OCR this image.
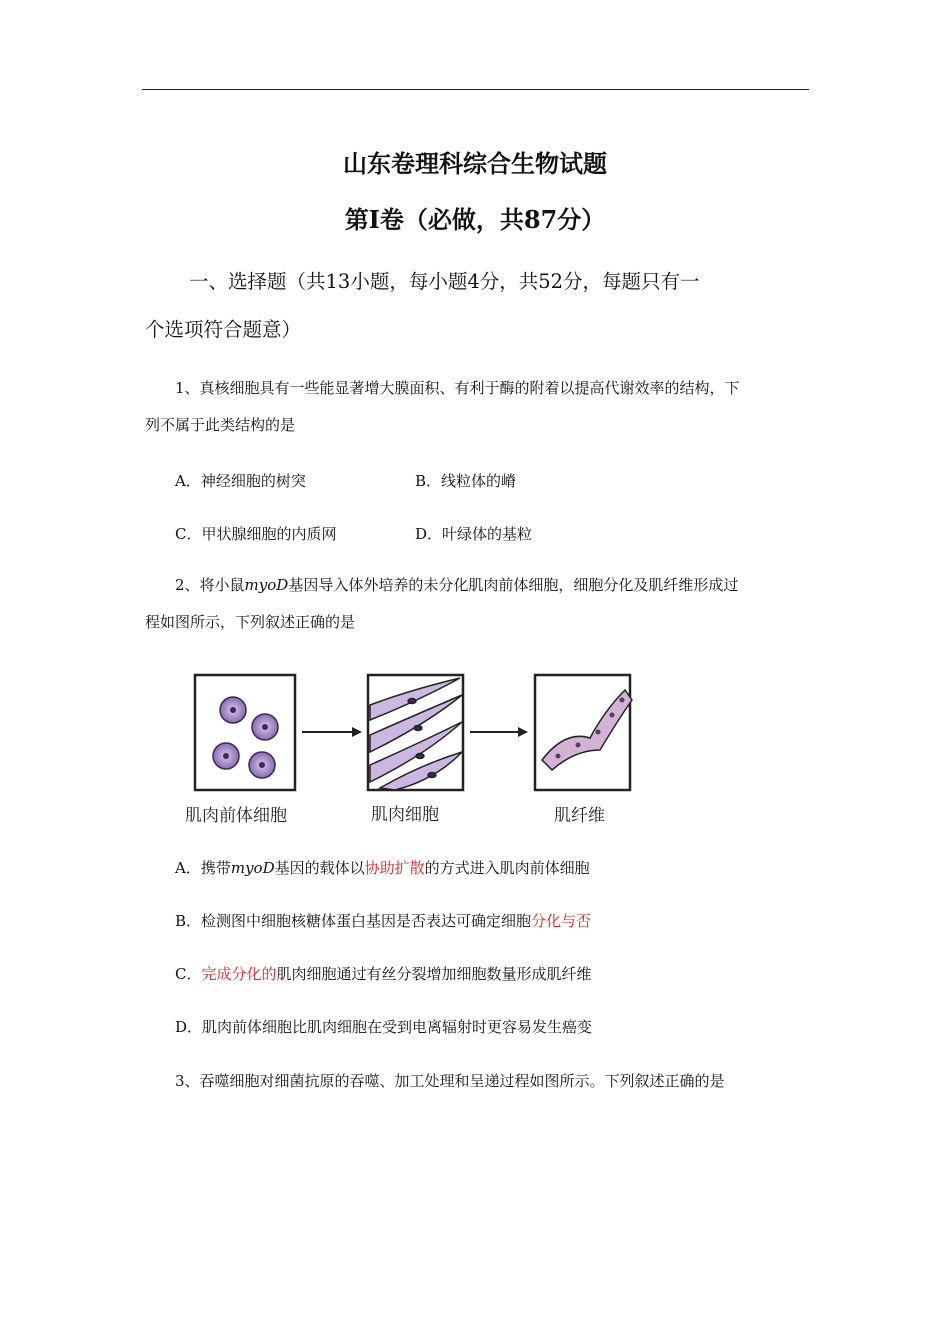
山东卷理科综合生物试题
第I卷（必做，共87分）
一、选择题（共13小题，每小题4分，共52分，每题只有一
个选项符合题意）
1、真核细胞具有一些能显著增大膜面积、有利于酶的附着以提高代谢效率的结构，下
列不属于此类结构的是
A．神经细胞的树突	B．线粒体的嵴
C．甲状腺细胞的内质网	D．叶绿体的基粒
2、将小鼠myoD基因导入体外培养的未分化肌肉前体细胞，细胞分化及肌纤维形成过
程如图所示，下列叙述正确的是
肌肉前体细胞	肌肉细胞	肌纤维
A．携带myoD基因的载体以协助扩散的方式进入肌肉前体细胞
B．检测图中细胞核糖体蛋白基因是否表达可确定细胞分化与否
C．完成分化的肌肉细胞通过有丝分裂增加细胞数量形成肌纤维
D．肌肉前体细胞比肌肉细胞在受到电离辐射时更容易发生癌变
3、吞噬细胞对细菌抗原的吞噬、加工处理和呈递过程如图所示。下列叙述正确的是
